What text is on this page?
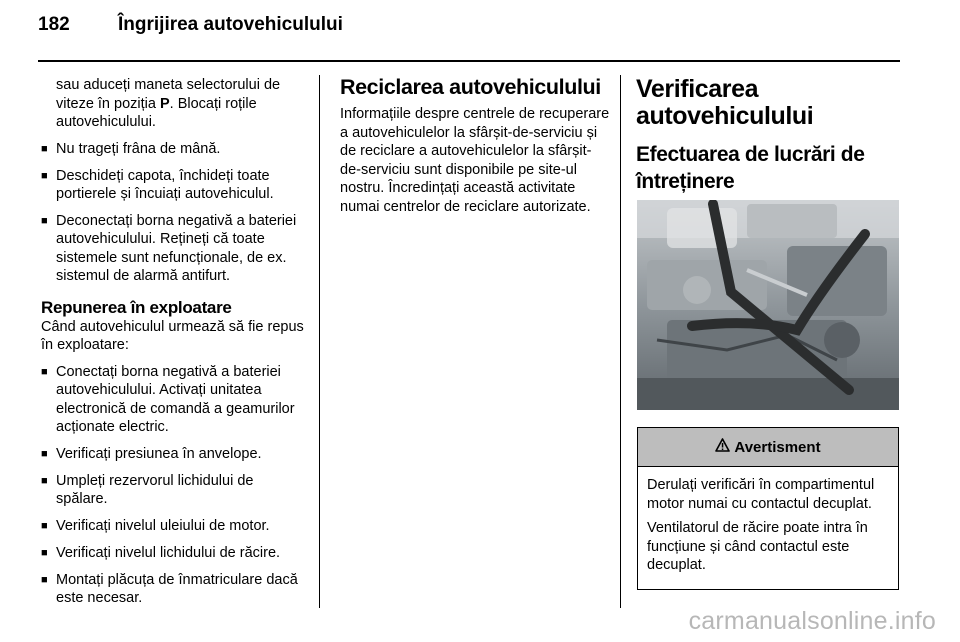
182	Îngrijirea autovehiculului

sau aduceți maneta selectorului de viteze în poziția P. Blocați roțile autovehiculului.

■ Nu trageți frâna de mână.
■ Deschideți capota, închideți toate portierele și încuiați autovehiculul.
■ Deconectați borna negativă a bateriei autovehiculului. Rețineți că toate sistemele sunt nefuncționale, de ex. sistemul de alarmă antifurt.
Repunerea în exploatare

Când autovehiculul urmează să fie repus în exploatare:

■ Conectați borna negativă a bateriei autovehiculului. Activați unitatea electronică de comandă a geamurilor acționate electric.
■ Verificați presiunea în anvelope.
■ Umpleți rezervorul lichidului de spălare.
■ Verificați nivelul uleiului de motor.
■ Verificați nivelul lichidului de răcire.
■ Montați plăcuța de înmatriculare dacă este necesar.
Reciclarea autovehiculului

Informațiile despre centrele de recuperare a autovehiculelor la sfârșit-de-serviciu și de reciclare a autovehiculelor la sfârșit-de-serviciu sunt disponibile pe site-ul nostru. Încredințați această activitate numai centrelor de reciclare autorizate.

Verificarea autovehiculului
Efectuarea de lucrări de întreținere
Avertisment

Derulați verificări în compartimentul motor numai cu contactul decuplat.

Ventilatorul de răcire poate intra în funcțiune și când contactul este decuplat.

carmanualsonline.info
